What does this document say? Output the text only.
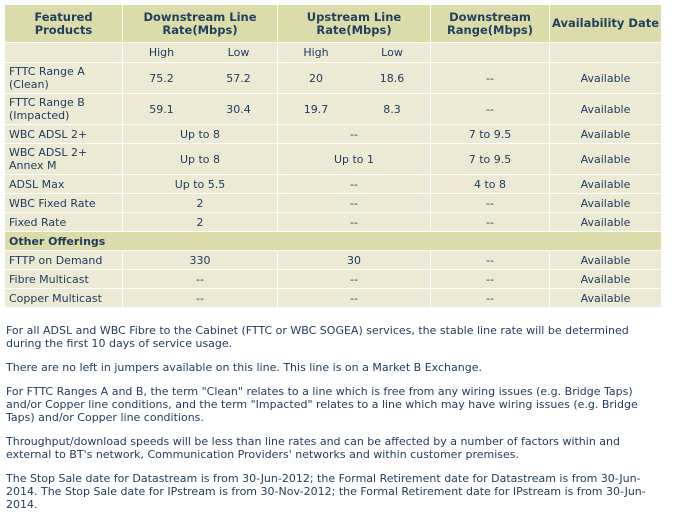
Featured Products	Downstream Line Rate(Mbps)	Upstream Line Rate(Mbps)	Downstream Range(Mbps)	Availability Date

	High Low	High Low		

FTTC Range A (Clean)	75.2 57.2	20 18.6	--	Available
FTTC Range B (Impacted)	59.1 30.4	19.7 8.3	--	Available
WBC ADSL 2+	Up to 8	--	7 to 9.5	Available
WBC ADSL 2+ Annex M	Up to 8	Up to 1	7 to 9.5	Available
ADSL Max	Up to 5.5	--	4 to 8	Available
WBC Fixed Rate	2	--	--	Available
Fixed Rate	2	--	--	Available
Other Offerings				
FTTP on Demand	330	30	--	Available
Fibre Multicast	--	--	--	Available
Copper Multicast	--	--	--	Available

For all ADSL and WBC Fibre to the Cabinet (FTTC or WBC SOGEA) services, the stable line rate will be determined during the first 10 days of service usage.

There are no left in jumpers available on this line. This line is on a Market B Exchange.

For FTTC Ranges A and B, the term "Clean" relates to a line which is free from any wiring issues (e.g. Bridge Taps) and/or Copper line conditions, and the term "Impacted" relates to a line which may have wiring issues (e.g. Bridge Taps) and/or Copper line conditions.

Throughput/download speeds will be less than line rates and can be affected by a number of factors within and external to BT's network, Communication Providers' networks and within customer premises.

The Stop Sale date for Datastream is from 30-Jun-2012; the Formal Retirement date for Datastream is from 30-Jun-2014. The Stop Sale date for IPstream is from 30-Nov-2012; the Formal Retirement date for IPstream is from 30-Jun-2014.
